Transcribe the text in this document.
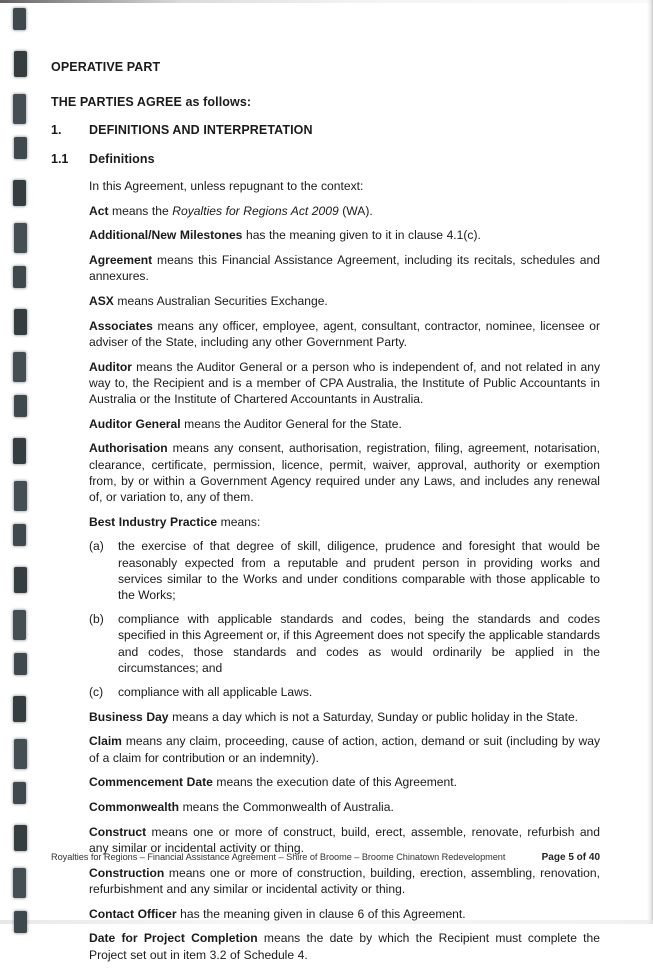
OPERATIVE PART
THE PARTIES AGREE as follows:
1.	DEFINITIONS AND INTERPRETATION
1.1	Definitions

In this Agreement, unless repugnant to the context:

Act means the Royalties for Regions Act 2009 (WA).

Additional/New Milestones has the meaning given to it in clause 4.1(c).

Agreement means this Financial Assistance Agreement, including its recitals, schedules and annexures.

ASX means Australian Securities Exchange.

Associates means any officer, employee, agent, consultant, contractor, nominee, licensee or adviser of the State, including any other Government Party.

Auditor means the Auditor General or a person who is independent of, and not related in any way to, the Recipient and is a member of CPA Australia, the Institute of Public Accountants in Australia or the Institute of Chartered Accountants in Australia.

Auditor General means the Auditor General for the State.

Authorisation means any consent, authorisation, registration, filing, agreement, notarisation, clearance, certificate, permission, licence, permit, waiver, approval, authority or exemption from, by or within a Government Agency required under any Laws, and includes any renewal of, or variation to, any of them.

Best Industry Practice means:

(a)	the exercise of that degree of skill, diligence, prudence and foresight that would be reasonably expected from a reputable and prudent person in providing works and services similar to the Works and under conditions comparable with those applicable to the Works;
(b)	compliance with applicable standards and codes, being the standards and codes specified in this Agreement or, if this Agreement does not specify the applicable standards and codes, those standards and codes as would ordinarily be applied in the circumstances; and
(c)	compliance with all applicable Laws.

Business Day means a day which is not a Saturday, Sunday or public holiday in the State.

Claim means any claim, proceeding, cause of action, action, demand or suit (including by way of a claim for contribution or an indemnity).

Commencement Date means the execution date of this Agreement.

Commonwealth means the Commonwealth of Australia.

Construct means one or more of construct, build, erect, assemble, renovate, refurbish and any similar or incidental activity or thing.

Construction means one or more of construction, building, erection, assembling, renovation, refurbishment and any similar or incidental activity or thing.

Contact Officer has the meaning given in clause 6 of this Agreement.

Date for Project Completion means the date by which the Recipient must complete the Project set out in item 3.2 of Schedule 4.

Royalties for Regions – Financial Assistance Agreement – Shire of Broome – Broome Chinatown Redevelopment	Page 5 of 40
